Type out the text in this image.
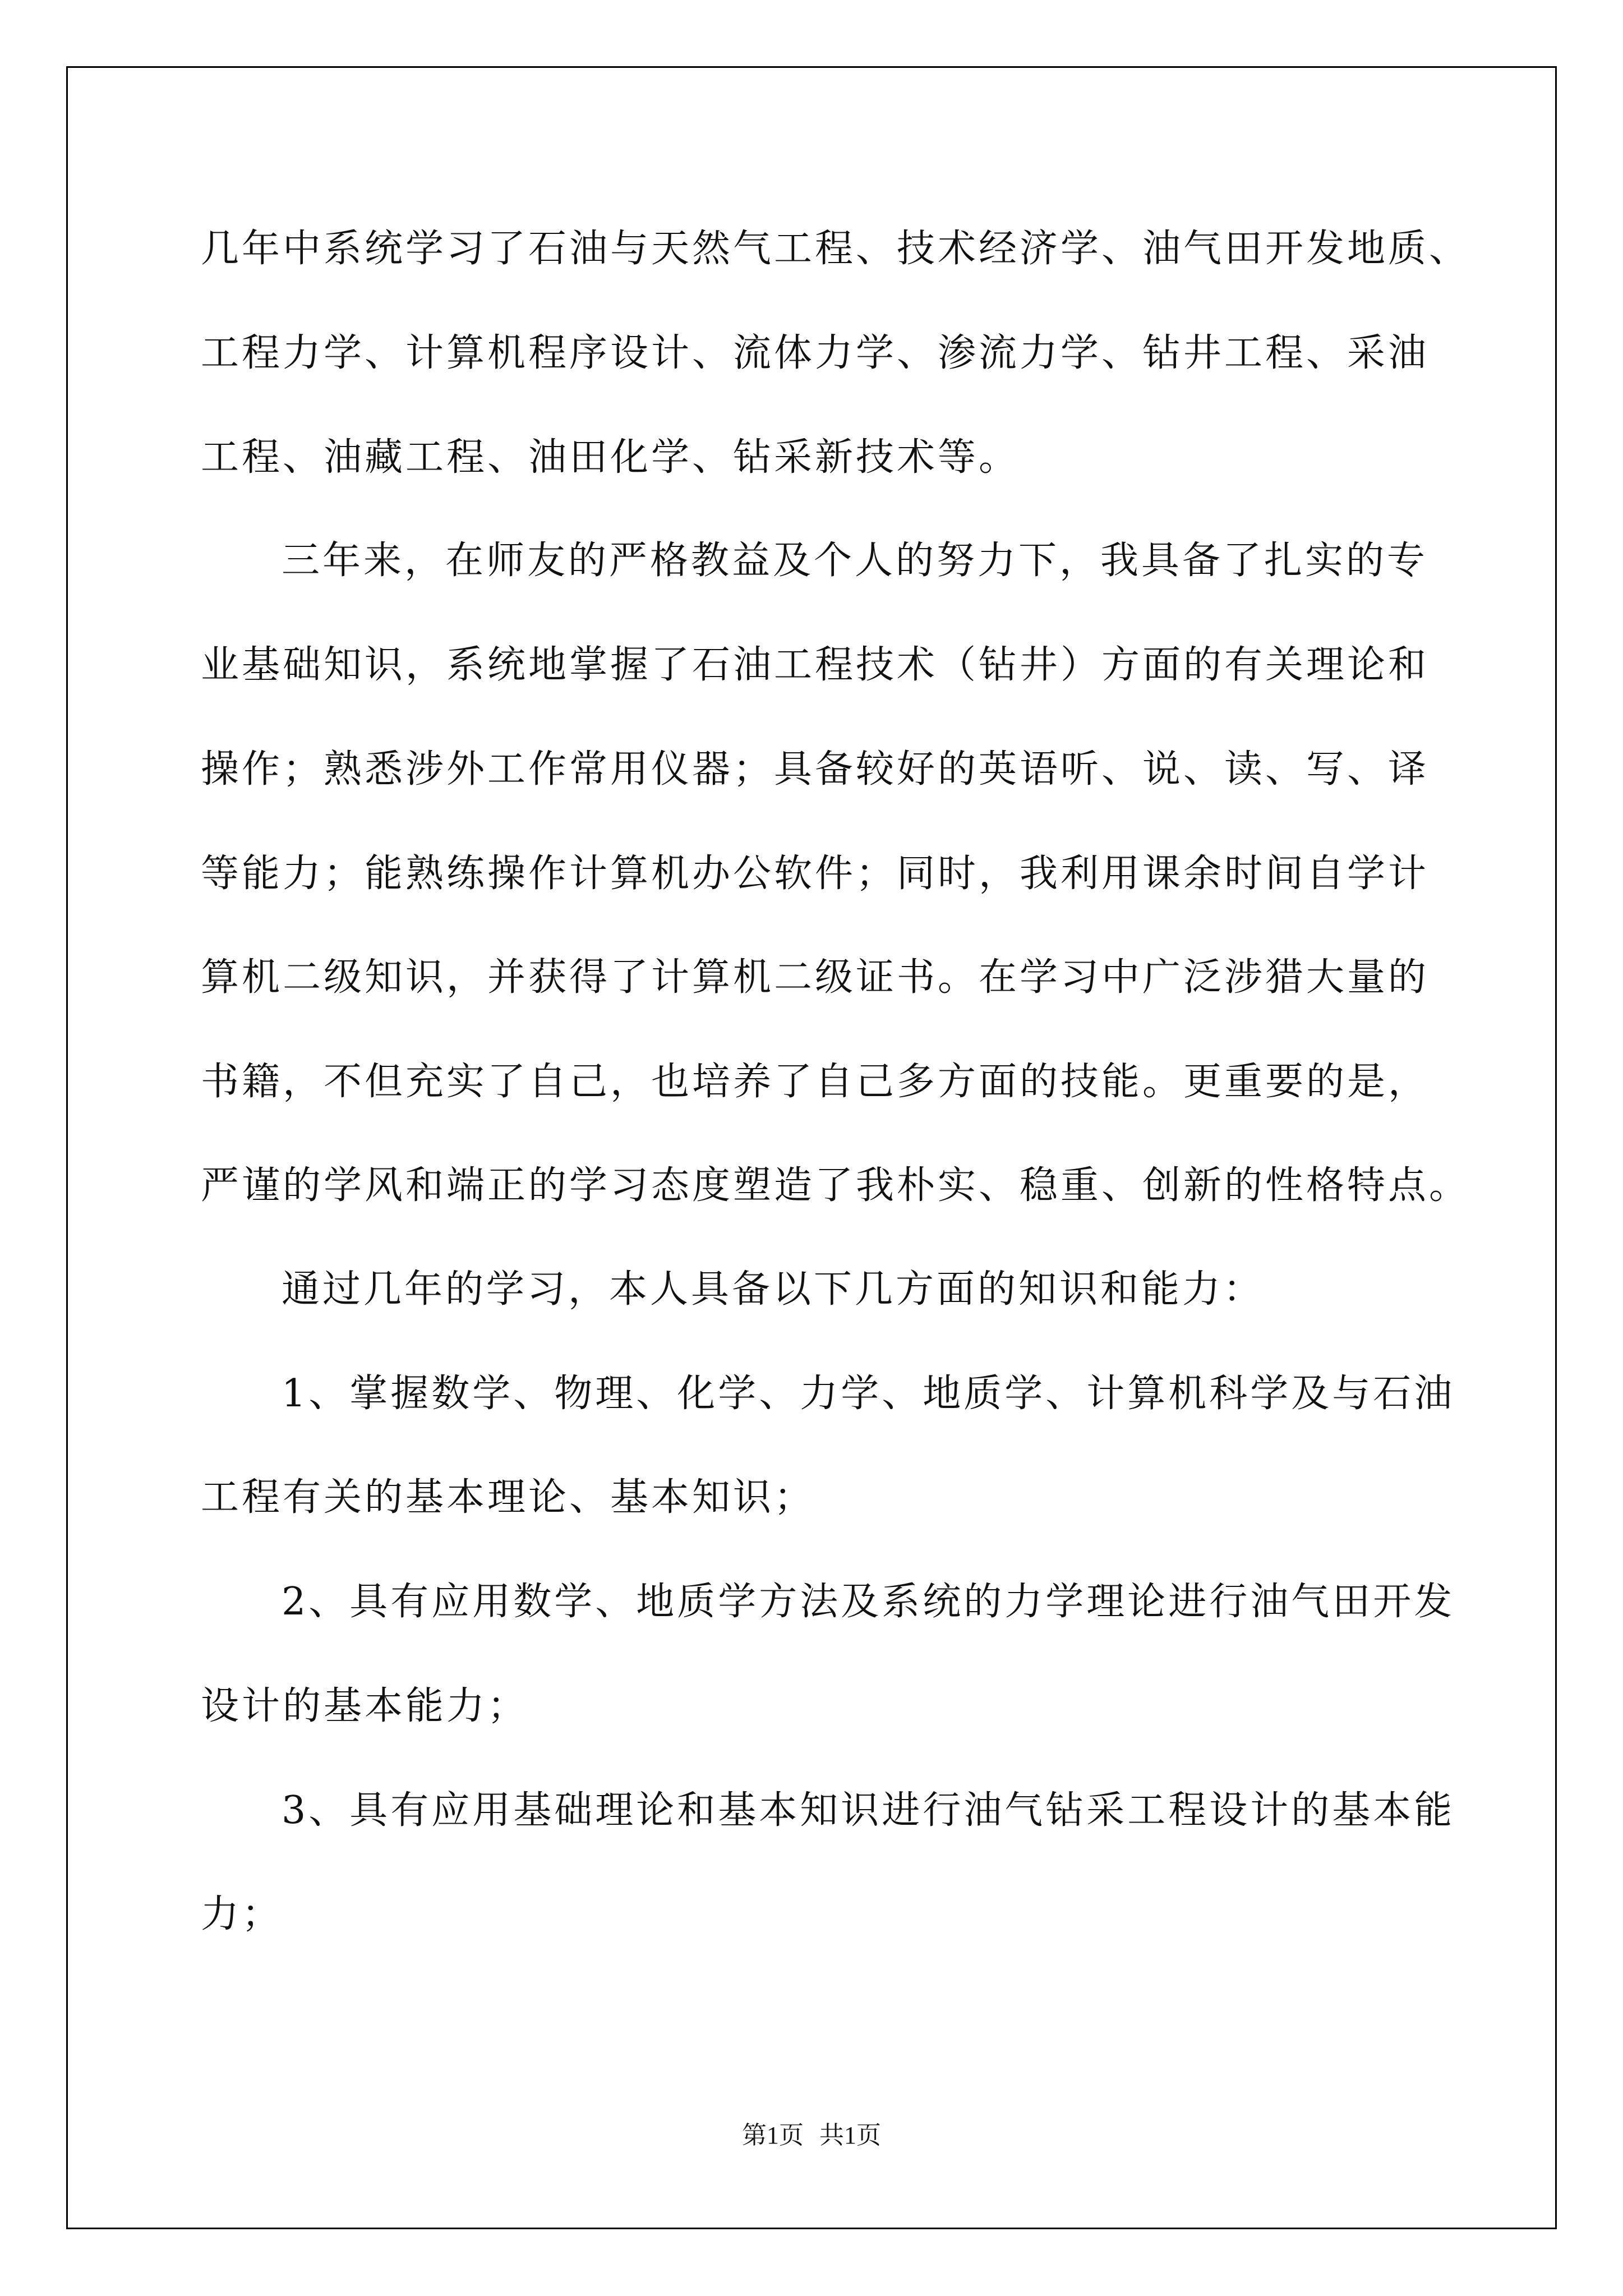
几年中系统学习了石油与天然气工程、技术经济学、油气田开发地质、
工程力学、计算机程序设计、流体力学、渗流力学、钻井工程、采油
工程、油藏工程、油田化学、钻采新技术等。
三年来，在师友的严格教益及个人的努力下，我具备了扎实的专
业基础知识，系统地掌握了石油工程技术（钻井）方面的有关理论和
操作；熟悉涉外工作常用仪器；具备较好的英语听、说、读、写、译
等能力；能熟练操作计算机办公软件；同时，我利用课余时间自学计
算机二级知识，并获得了计算机二级证书。在学习中广泛涉猎大量的
书籍，不但充实了自己，也培养了自己多方面的技能。更重要的是，
严谨的学风和端正的学习态度塑造了我朴实、稳重、创新的性格特点。
通过几年的学习，本人具备以下几方面的知识和能力：
1、掌握数学、物理、化学、力学、地质学、计算机科学及与石油
工程有关的基本理论、基本知识；
2、具有应用数学、地质学方法及系统的力学理论进行油气田开发
设计的基本能力；
3、具有应用基础理论和基本知识进行油气钻采工程设计的基本能
力；
第1页 共1页
